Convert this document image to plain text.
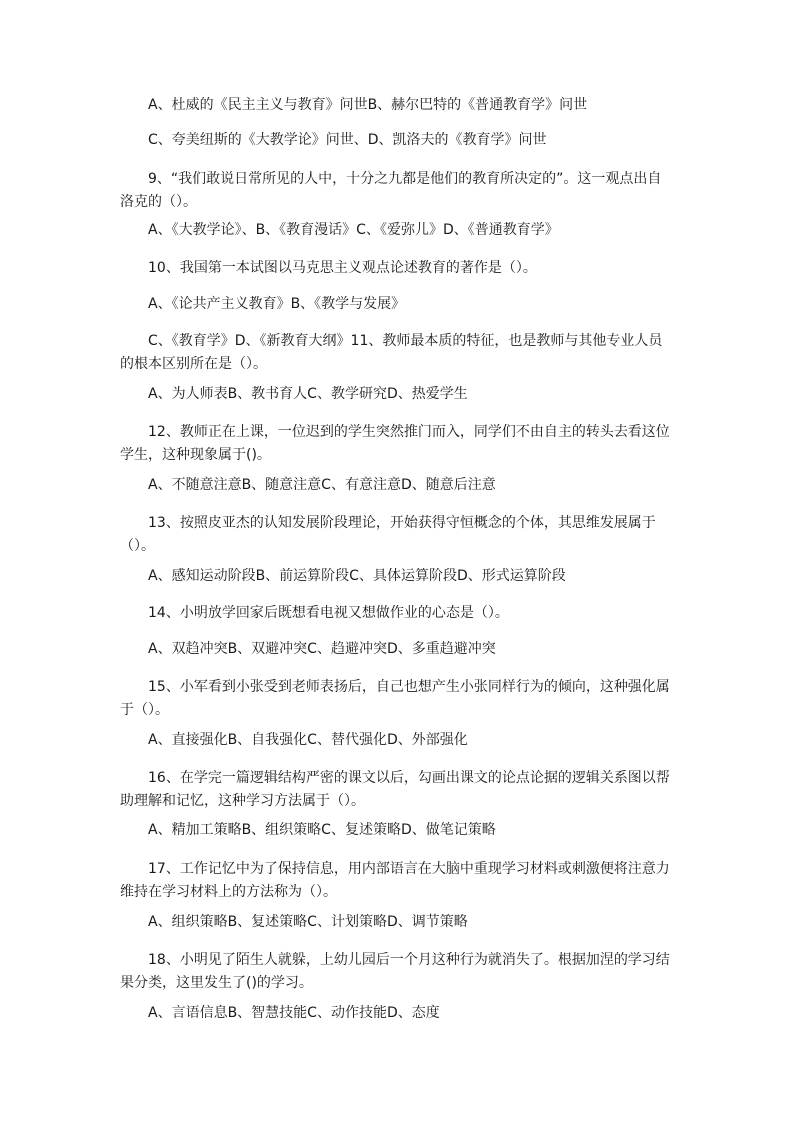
A、杜威的《民主主义与教育》问世B、赫尔巴特的《普通教育学》问世

C、夸美纽斯的《大教学论》问世、D、凯洛夫的《教育学》问世

9、“我们敢说日常所见的人中，十分之九都是他们的教育所决定的”。这一观点出自洛克的（）。

A、《大教学论》、B、《教育漫话》C、《爱弥儿》D、《普通教育学》

10、我国第一本试图以马克思主义观点论述教育的著作是（）。

A、《论共产主义教育》B、《教学与发展》

C、《教育学》D、《新教育大纲》11、教师最本质的特征，也是教师与其他专业人员的根本区别所在是（）。

A、为人师表B、教书育人C、教学研究D、热爱学生

12、教师正在上课，一位迟到的学生突然推门而入，同学们不由自主的转头去看这位学生，这种现象属于()。

A、不随意注意B、随意注意C、有意注意D、随意后注意

13、按照皮亚杰的认知发展阶段理论，开始获得守恒概念的个体，其思维发展属于（）。

A、感知运动阶段B、前运算阶段C、具体运算阶段D、形式运算阶段

14、小明放学回家后既想看电视又想做作业的心态是（）。

A、双趋冲突B、双避冲突C、趋避冲突D、多重趋避冲突

15、小军看到小张受到老师表扬后，自己也想产生小张同样行为的倾向，这种强化属于（）。

A、直接强化B、自我强化C、替代强化D、外部强化

16、在学完一篇逻辑结构严密的课文以后，勾画出课文的论点论据的逻辑关系图以帮助理解和记忆，这种学习方法属于（）。

A、精加工策略B、组织策略C、复述策略D、做笔记策略

17、工作记忆中为了保持信息，用内部语言在大脑中重现学习材料或刺激便将注意力维持在学习材料上的方法称为（）。

A、组织策略B、复述策略C、计划策略D、调节策略

18、小明见了陌生人就躲，上幼儿园后一个月这种行为就消失了。根据加涅的学习结果分类，这里发生了()的学习。

A、言语信息B、智慧技能C、动作技能D、态度
